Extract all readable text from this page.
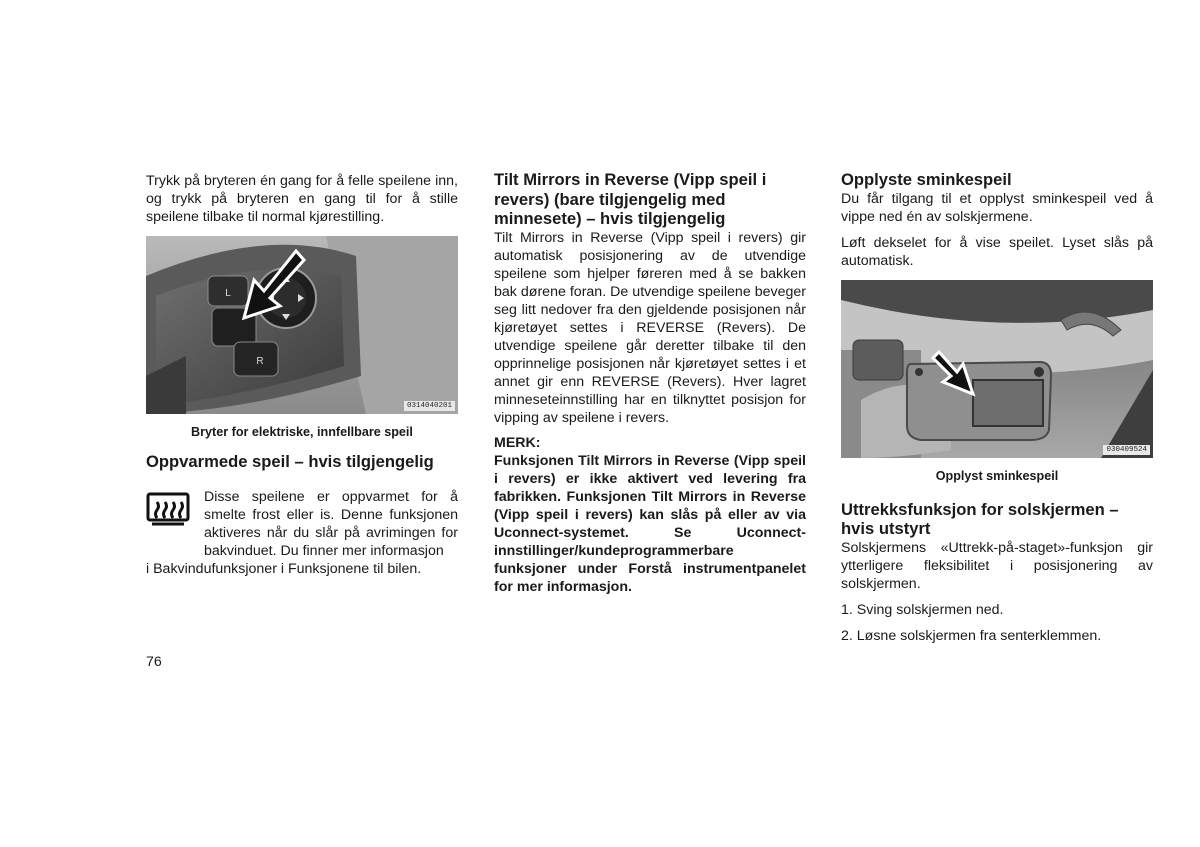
Trykk på bryteren én gang for å felle speilene inn, og trykk på bryteren en gang til for å stille speilene tilbake til normal kjørestilling.

L
R
0314040201

Bryter for elektriske, innfellbare speil

Oppvarmede speil – hvis tilgjengelig

Disse speilene er oppvarmet for å smelte frost eller is. Denne funksjonen aktiveres når du slår på avrimingen for bakvinduet. Du finner mer informasjon

i Bakvindufunksjoner i Funksjonene til bilen.

Tilt Mirrors in Reverse (Vipp speil i revers) (bare tilgjengelig med minnesete) – hvis tilgjengelig

Tilt Mirrors in Reverse (Vipp speil i revers) gir automatisk posisjonering av de utvendige speilene som hjelper føreren med å se bakken bak dørene foran. De utvendige speilene beveger seg litt nedover fra den gjeldende posisjonen når kjøretøyet settes i REVERSE (Revers). De utvendige speilene går deretter tilbake til den opprinnelige posisjonen når kjøretøyet settes i et annet gir enn REVERSE (Revers). Hver lagret minneseteinnstilling har en tilknyttet posisjon for vipping av speilene i revers.

MERK:

Funksjonen Tilt Mirrors in Reverse (Vipp speil i revers) er ikke aktivert ved levering fra fabrikken. Funksjonen Tilt Mirrors in Reverse (Vipp speil i revers) kan slås på eller av via Uconnect-systemet. Se Uconnect-innstillinger/kundeprogrammerbare funksjoner under Forstå instrumentpanelet for mer informasjon.

Opplyste sminkespeil

Du får tilgang til et opplyst sminkespeil ved å vippe ned én av solskjermene.

Løft dekselet for å vise speilet. Lyset slås på automatisk.

030409524

Opplyst sminkespeil

Uttrekksfunksjon for solskjermen – hvis utstyrt

Solskjermens «Uttrekk-på-staget»-funksjon gir ytterligere fleksibilitet i posisjonering av solskjermen.

1. Sving solskjermen ned.

2. Løsne solskjermen fra senterklemmen.

76
